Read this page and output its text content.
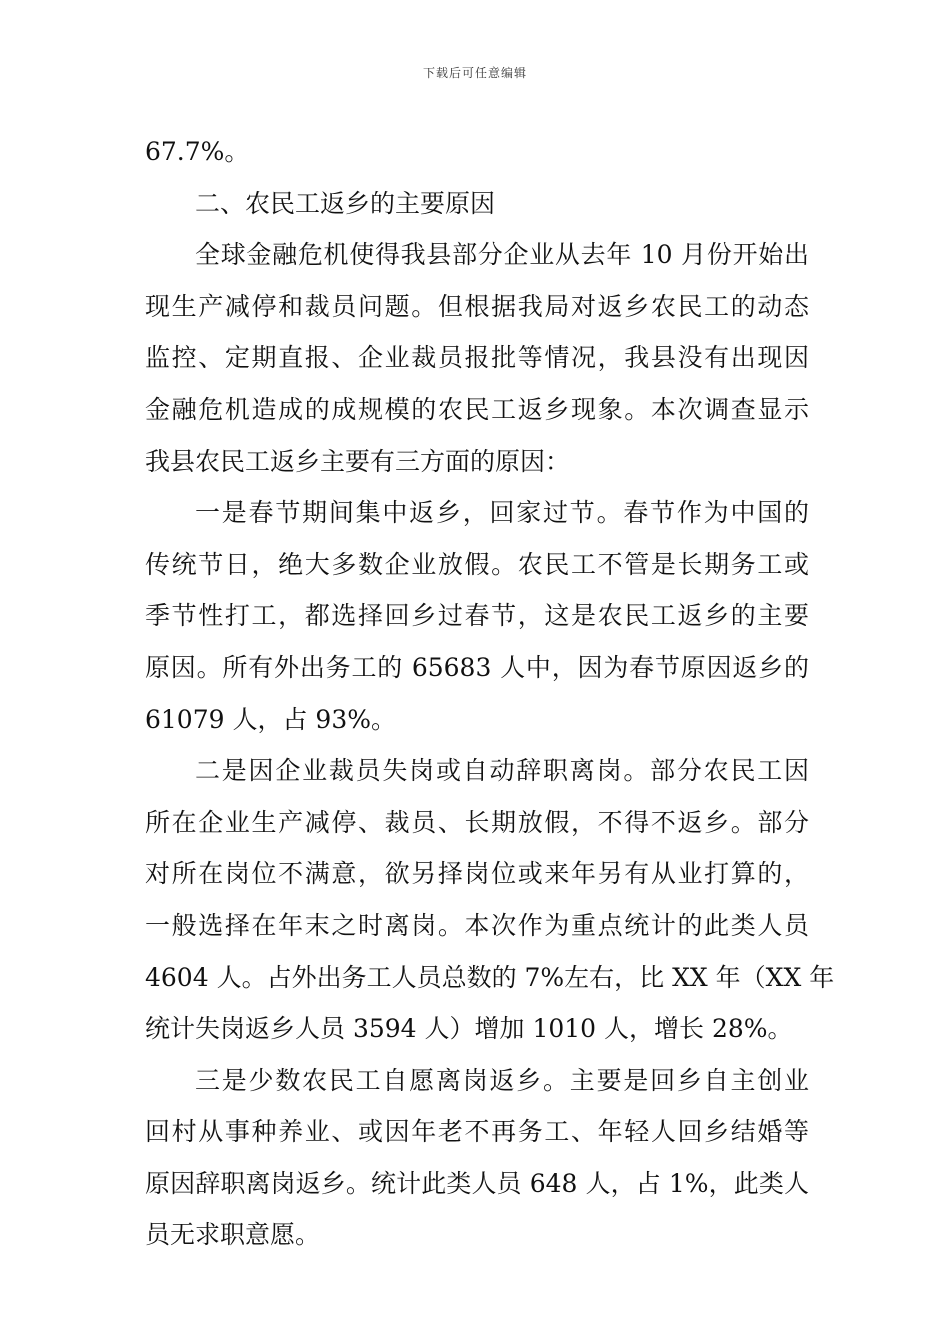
下载后可任意编辑
67.7%。
二、农民工返乡的主要原因
全球金融危机使得我县部分企业从去年 10 月份开始出
现生产减停和裁员问题。但根据我局对返乡农民工的动态
监控、定期直报、企业裁员报批等情况，我县没有出现因
金融危机造成的成规模的农民工返乡现象。本次调查显示
我县农民工返乡主要有三方面的原因：
一是春节期间集中返乡，回家过节。春节作为中国的
传统节日，绝大多数企业放假。农民工不管是长期务工或
季节性打工，都选择回乡过春节，这是农民工返乡的主要
原因。所有外出务工的 65683 人中，因为春节原因返乡的
61079 人，占 93%。
二是因企业裁员失岗或自动辞职离岗。部分农民工因
所在企业生产减停、裁员、长期放假，不得不返乡。部分
对所在岗位不满意，欲另择岗位或来年另有从业打算的，
一般选择在年末之时离岗。本次作为重点统计的此类人员
4604 人。占外出务工人员总数的 7%左右，比 XX 年（XX 年
统计失岗返乡人员 3594 人）增加 1010 人，增长 28%。
三是少数农民工自愿离岗返乡。主要是回乡自主创业
回村从事种养业、或因年老不再务工、年轻人回乡结婚等
原因辞职离岗返乡。统计此类人员 648 人，占 1%，此类人
员无求职意愿。
